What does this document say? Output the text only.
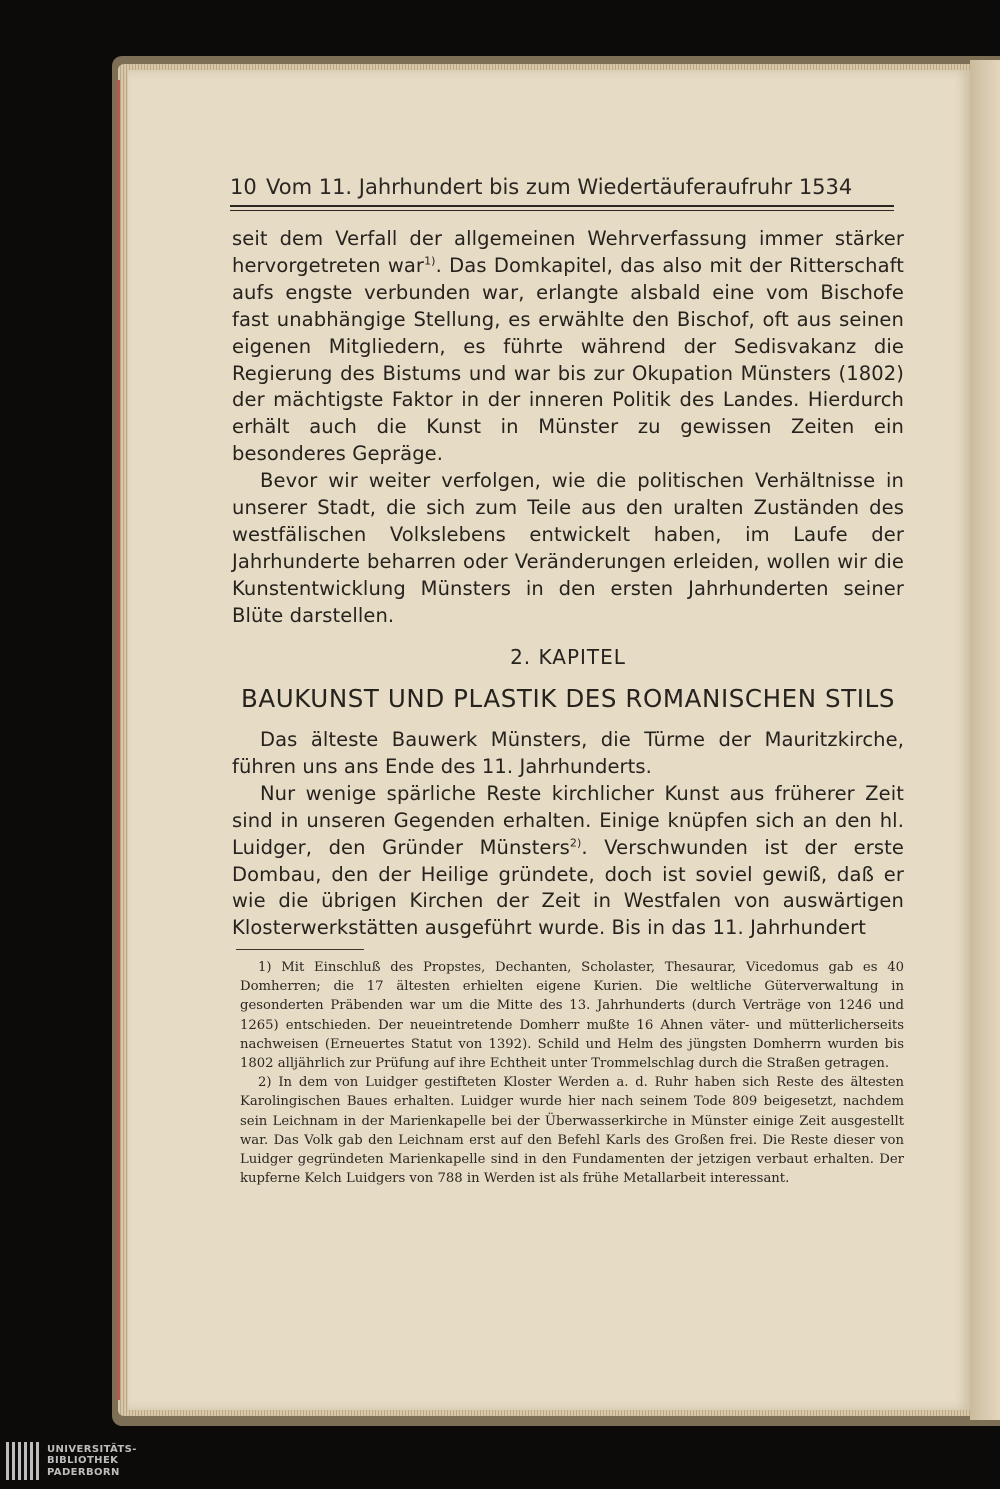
10 Vom 11. Jahrhundert bis zum Wiedertäuferaufruhr 1534

seit dem Verfall der allgemeinen Wehrverfassung immer stärker hervorgetreten war$^{1)}$. Das Domkapitel, das also mit der Ritterschaft aufs engste verbunden war, erlangte alsbald eine vom Bischofe fast unabhängige Stellung, es erwählte den Bischof, oft aus seinen eigenen Mitgliedern, es führte während der Sedisvakanz die Regierung des Bistums und war bis zur Okupation Münsters (1802) der mächtigste Faktor in der inneren Politik des Landes. Hierdurch erhält auch die Kunst in Münster zu gewissen Zeiten ein besonderes Gepräge.

Bevor wir weiter verfolgen, wie die politischen Verhältnisse in unserer Stadt, die sich zum Teile aus den uralten Zuständen des westfälischen Volkslebens entwickelt haben, im Laufe der Jahrhunderte beharren oder Veränderungen erleiden, wollen wir die Kunstentwicklung Münsters in den ersten Jahrhunderten seiner Blüte darstellen.

2. KAPITEL
BAUKUNST UND PLASTIK DES ROMANISCHEN STILS

Das älteste Bauwerk Münsters, die Türme der Mauritzkirche, führen uns ans Ende des 11. Jahrhunderts.

Nur wenige spärliche Reste kirchlicher Kunst aus früherer Zeit sind in unseren Gegenden erhalten. Einige knüpfen sich an den hl. Luidger, den Gründer Münsters$^{2)}$. Verschwunden ist der erste Dombau, den der Heilige gründete, doch ist soviel gewiß, daß er wie die übrigen Kirchen der Zeit in Westfalen von auswärtigen Klosterwerkstätten ausgeführt wurde. Bis in das 11. Jahrhundert

1) Mit Einschluß des Propstes, Dechanten, Scholaster, Thesaurar, Vicedomus gab es 40 Domherren; die 17 ältesten erhielten eigene Kurien. Die weltliche Güterverwaltung in gesonderten Präbenden war um die Mitte des 13. Jahrhunderts (durch Verträge von 1246 und 1265) entschieden. Der neueintretende Domherr mußte 16 Ahnen väter- und mütterlicherseits nachweisen (Erneuertes Statut von 1392). Schild und Helm des jüngsten Domherrn wurden bis 1802 alljährlich zur Prüfung auf ihre Echtheit unter Trommelschlag durch die Straßen getragen.

2) In dem von Luidger gestifteten Kloster Werden a. d. Ruhr haben sich Reste des ältesten Karolingischen Baues erhalten. Luidger wurde hier nach seinem Tode 809 beigesetzt, nachdem sein Leichnam in der Marienkapelle bei der Überwasserkirche in Münster einige Zeit ausgestellt war. Das Volk gab den Leichnam erst auf den Befehl Karls des Großen frei. Die Reste dieser von Luidger gegründeten Marienkapelle sind in den Fundamenten der jetzigen verbaut erhalten. Der kupferne Kelch Luidgers von 788 in Werden ist als frühe Metallarbeit interessant.

UNIVERSITÄTS-
BIBLIOTHEK
PADERBORN
